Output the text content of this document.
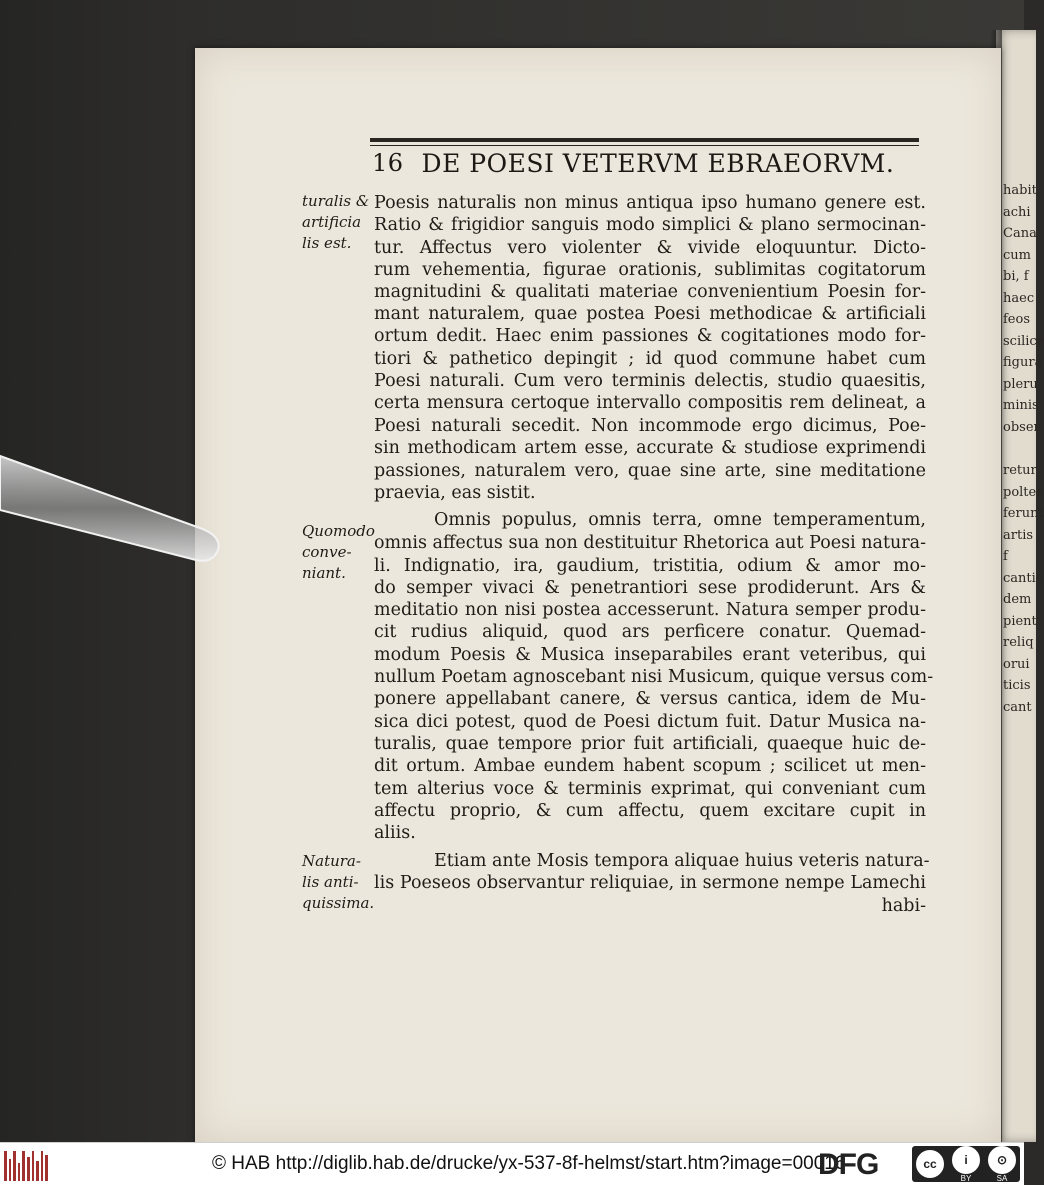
habit
achi
Cana
cum
bi, f
haec
feos
scilice
figura
pleru
minis
obser
retur
polter
ferunt
artis f
cantic
dem
pient
reliq
orui
ticis
cant
16 DE POESI VETERVM EBRAEORVM.
turalis &
artificia
lis est.
Quomodo
conve-
niant.
Natura-
lis anti-
quissima.
Poesis naturalis non minus antiqua ipso humano genere est.
Ratio & frigidior sanguis modo simplici & plano sermocinan-
tur. Affectus vero violenter & vivide eloquuntur. Dicto-
rum vehementia, figurae orationis, sublimitas cogitatorum
magnitudini & qualitati materiae convenientium Poesin for-
mant naturalem, quae postea Poesi methodicae & artificiali
ortum dedit. Haec enim passiones & cogitationes modo for-
tiori & pathetico depingit ; id quod commune habet cum
Poesi naturali. Cum vero terminis delectis, studio quaesitis,
certa mensura certoque intervallo compositis rem delineat, a
Poesi naturali secedit. Non incommode ergo dicimus, Poe-
sin methodicam artem esse, accurate & studiose exprimendi
passiones, naturalem vero, quae sine arte, sine meditatione
praevia, eas sistit.
Omnis populus, omnis terra, omne temperamentum,
omnis affectus sua non destituitur Rhetorica aut Poesi natura-
li. Indignatio, ira, gaudium, tristitia, odium & amor mo-
do semper vivaci & penetrantiori sese prodiderunt. Ars &
meditatio non nisi postea accesserunt. Natura semper produ-
cit rudius aliquid, quod ars perficere conatur. Quemad-
modum Poesis & Musica inseparabiles erant veteribus, qui
nullum Poetam agnoscebant nisi Musicum, quique versus com-
ponere appellabant canere, & versus cantica, idem de Mu-
sica dici potest, quod de Poesi dictum fuit. Datur Musica na-
turalis, quae tempore prior fuit artificiali, quaeque huic de-
dit ortum. Ambae eundem habent scopum ; scilicet ut men-
tem alterius voce & terminis exprimat, qui conveniant cum
affectu proprio, & cum affectu, quem excitare cupit in
aliis.
Etiam ante Mosis tempora aliquae huius veteris natura-
lis Poeseos observantur reliquiae, in sermone nempe Lamechi
habi-
© HAB http://diglib.hab.de/drucke/yx-537-8f-helmst/start.htm?image=00016
DFG	cc	i
BY
⊙
SA
